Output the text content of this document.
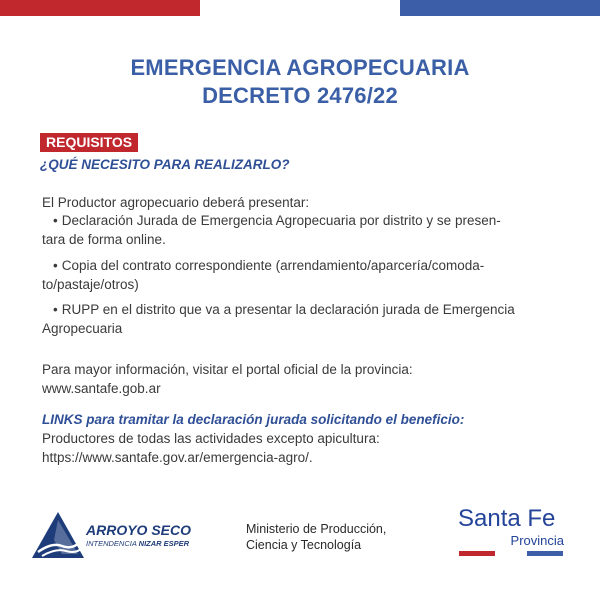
EMERGENCIA AGROPECUARIA
DECRETO 2476/22
REQUISITOS
¿QUÉ NECESITO PARA REALIZARLO?
El Productor agropecuario deberá presentar:
• Declaración Jurada de Emergencia Agropecuaria por distrito y se presen-
tara de forma online.
• Copia del contrato correspondiente (arrendamiento/aparcería/comoda-
to/pastaje/otros)
• RUPP en el distrito que va a presentar la declaración jurada de Emergencia
Agropecuaria
Para mayor información, visitar el portal oficial de la provincia:
www.santafe.gob.ar
LINKS para tramitar la declaración jurada solicitando el beneficio:
Productores de todas las actividades excepto apicultura:
https://www.santafe.gov.ar/emergencia-agro/.
ARROYO SECO
INTENDENCIA NIZAR ESPER
Ministerio de Producción,
Ciencia y Tecnología
Santa Fe
Provincia
